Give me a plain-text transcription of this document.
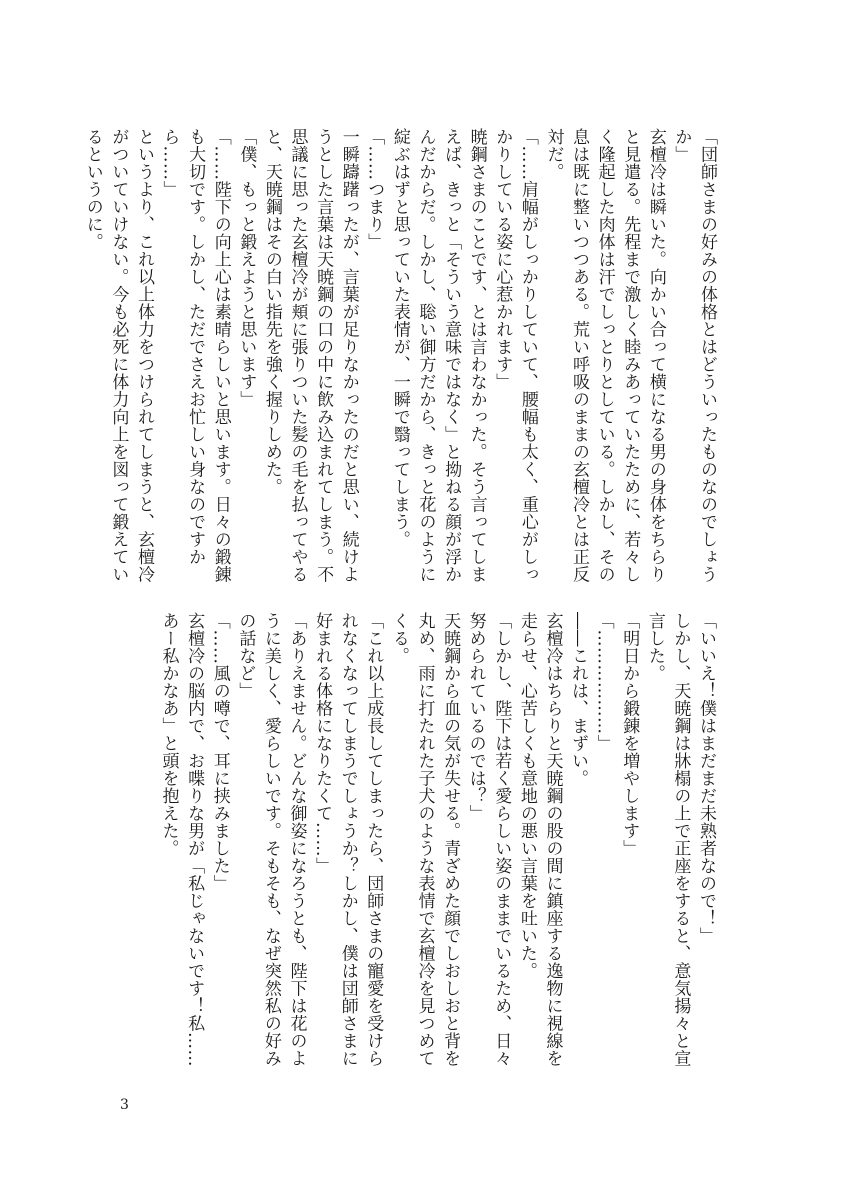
「団師さまの好みの体格とはどういったものなのでしょうか」

玄檀冷は瞬いた。向かい合って横になる男の身体をちらりと見遣る。先程まで激しく睦みあっていたために、若々しく隆起した肉体は汗でしっとりとしている。しかし、その息は既に整いつつある。荒い呼吸のままの玄檀冷とは正反対だ。

「……肩幅がしっかりしていて、腰幅も太く、重心がしっかりしている姿に心惹かれます」

暁鋼さまのことです、とは言わなかった。そう言ってしまえば、きっと「そういう意味ではなく」と拗ねる顔が浮かんだからだ。しかし、聡い御方だから、きっと花のように綻ぶはずと思っていた表情が、一瞬で翳ってしまう。

「……つまり」

一瞬躊躇ったが、言葉が足りなかったのだと思い、続けようとした言葉は天暁鋼の口の中に飲み込まれてしまう。不思議に思った玄檀冷が頬に張りついた髪の毛を払ってやると、天暁鋼はその白い指先を強く握りしめた。

「僕、もっと鍛えようと思います」

「……陛下の向上心は素晴らしいと思います。日々の鍛錬も大切です。しかし、ただでさえお忙しい身なのですから……」

というより、これ以上体力をつけられてしまうと、玄檀冷がついていけない。今も必死に体力向上を図って鍛えているというのに。

「いいえ！僕はまだまだ未熟者なので！」

しかし、天暁鋼は牀榻の上で正座をすると、意気揚々と宣言した。

「明日から鍛錬を増やします」

「………………」

――これは、まずい。

玄檀冷はちらりと天暁鋼の股の間に鎮座する逸物に視線を走らせ、心苦しくも意地の悪い言葉を吐いた。

「しかし、陛下は若く愛らしい姿のままでいるため、日々努められているのでは？」

天暁鋼から血の気が失せる。青ざめた顔でしおしおと背を丸め、雨に打たれた子犬のような表情で玄檀冷を見つめてくる。

「これ以上成長してしまったら、団師さまの寵愛を受けられなくなってしまうでしょうか？しかし、僕は団師さまに好まれる体格になりたくて……」

「ありえません。どんな御姿になろうとも、陛下は花のように美しく、愛らしいです。そもそも、なぜ突然私の好みの話など」

「……風の噂で、耳に挟みました」

玄檀冷の脳内で、お喋りな男が「私じゃないです！私……あー私かなあ」と頭を抱えた。

3
